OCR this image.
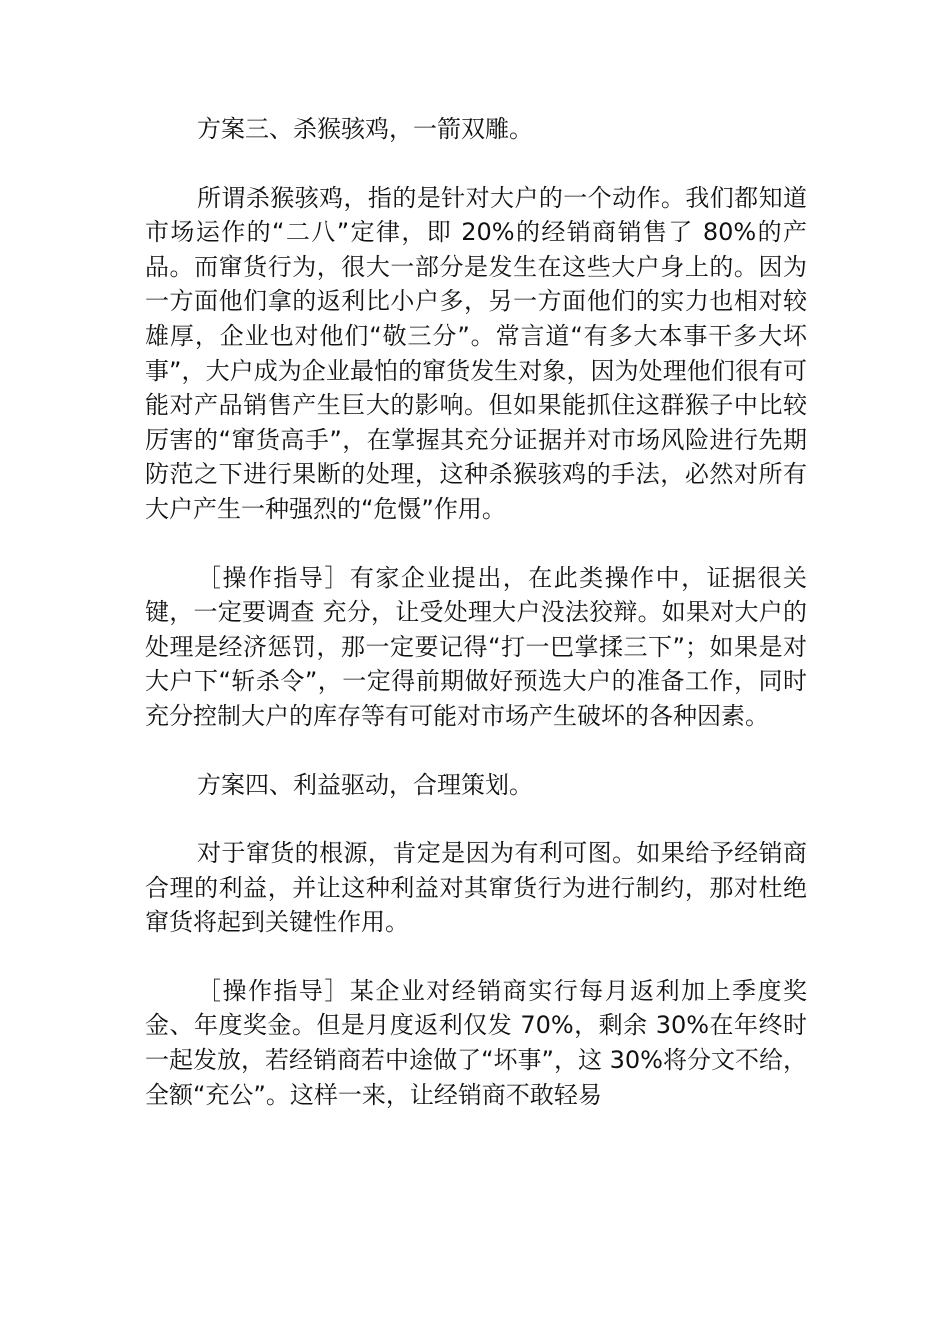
方案三、杀猴骇鸡，一箭双雕。

所谓杀猴骇鸡，指的是针对大户的一个动作。我们都知道市场运作的“二八”定律，即 20%的经销商销售了 80%的产品。而窜货行为，很大一部分是发生在这些大户身上的。因为一方面他们拿的返利比小户多，另一方面他们的实力也相对较雄厚，企业也对他们“敬三分”。常言道“有多大本事干多大坏事”，大户成为企业最怕的窜货发生对象，因为处理他们很有可能对产品销售产生巨大的影响。但如果能抓住这群猴子中比较厉害的“窜货高手”，在掌握其充分证据并对市场风险进行先期防范之下进行果断的处理，这种杀猴骇鸡的手法，必然对所有大户产生一种强烈的“危慑”作用。

［操作指导］有家企业提出，在此类操作中，证据很关键，一定要调查 充分，让受处理大户没法狡辩。如果对大户的处理是经济惩罚，那一定要记得“打一巴掌揉三下”；如果是对大户下“斩杀令”，一定得前期做好预选大户的准备工作，同时充分控制大户的库存等有可能对市场产生破坏的各种因素。

方案四、利益驱动，合理策划。

对于窜货的根源，肯定是因为有利可图。如果给予经销商合理的利益，并让这种利益对其窜货行为进行制约，那对杜绝窜货将起到关键性作用。

［操作指导］某企业对经销商实行每月返利加上季度奖金、年度奖金。但是月度返利仅发 70%，剩余 30%在年终时一起发放，若经销商若中途做了“坏事”，这 30%将分文不给，全额“充公”。这样一来，让经销商不敢轻易
